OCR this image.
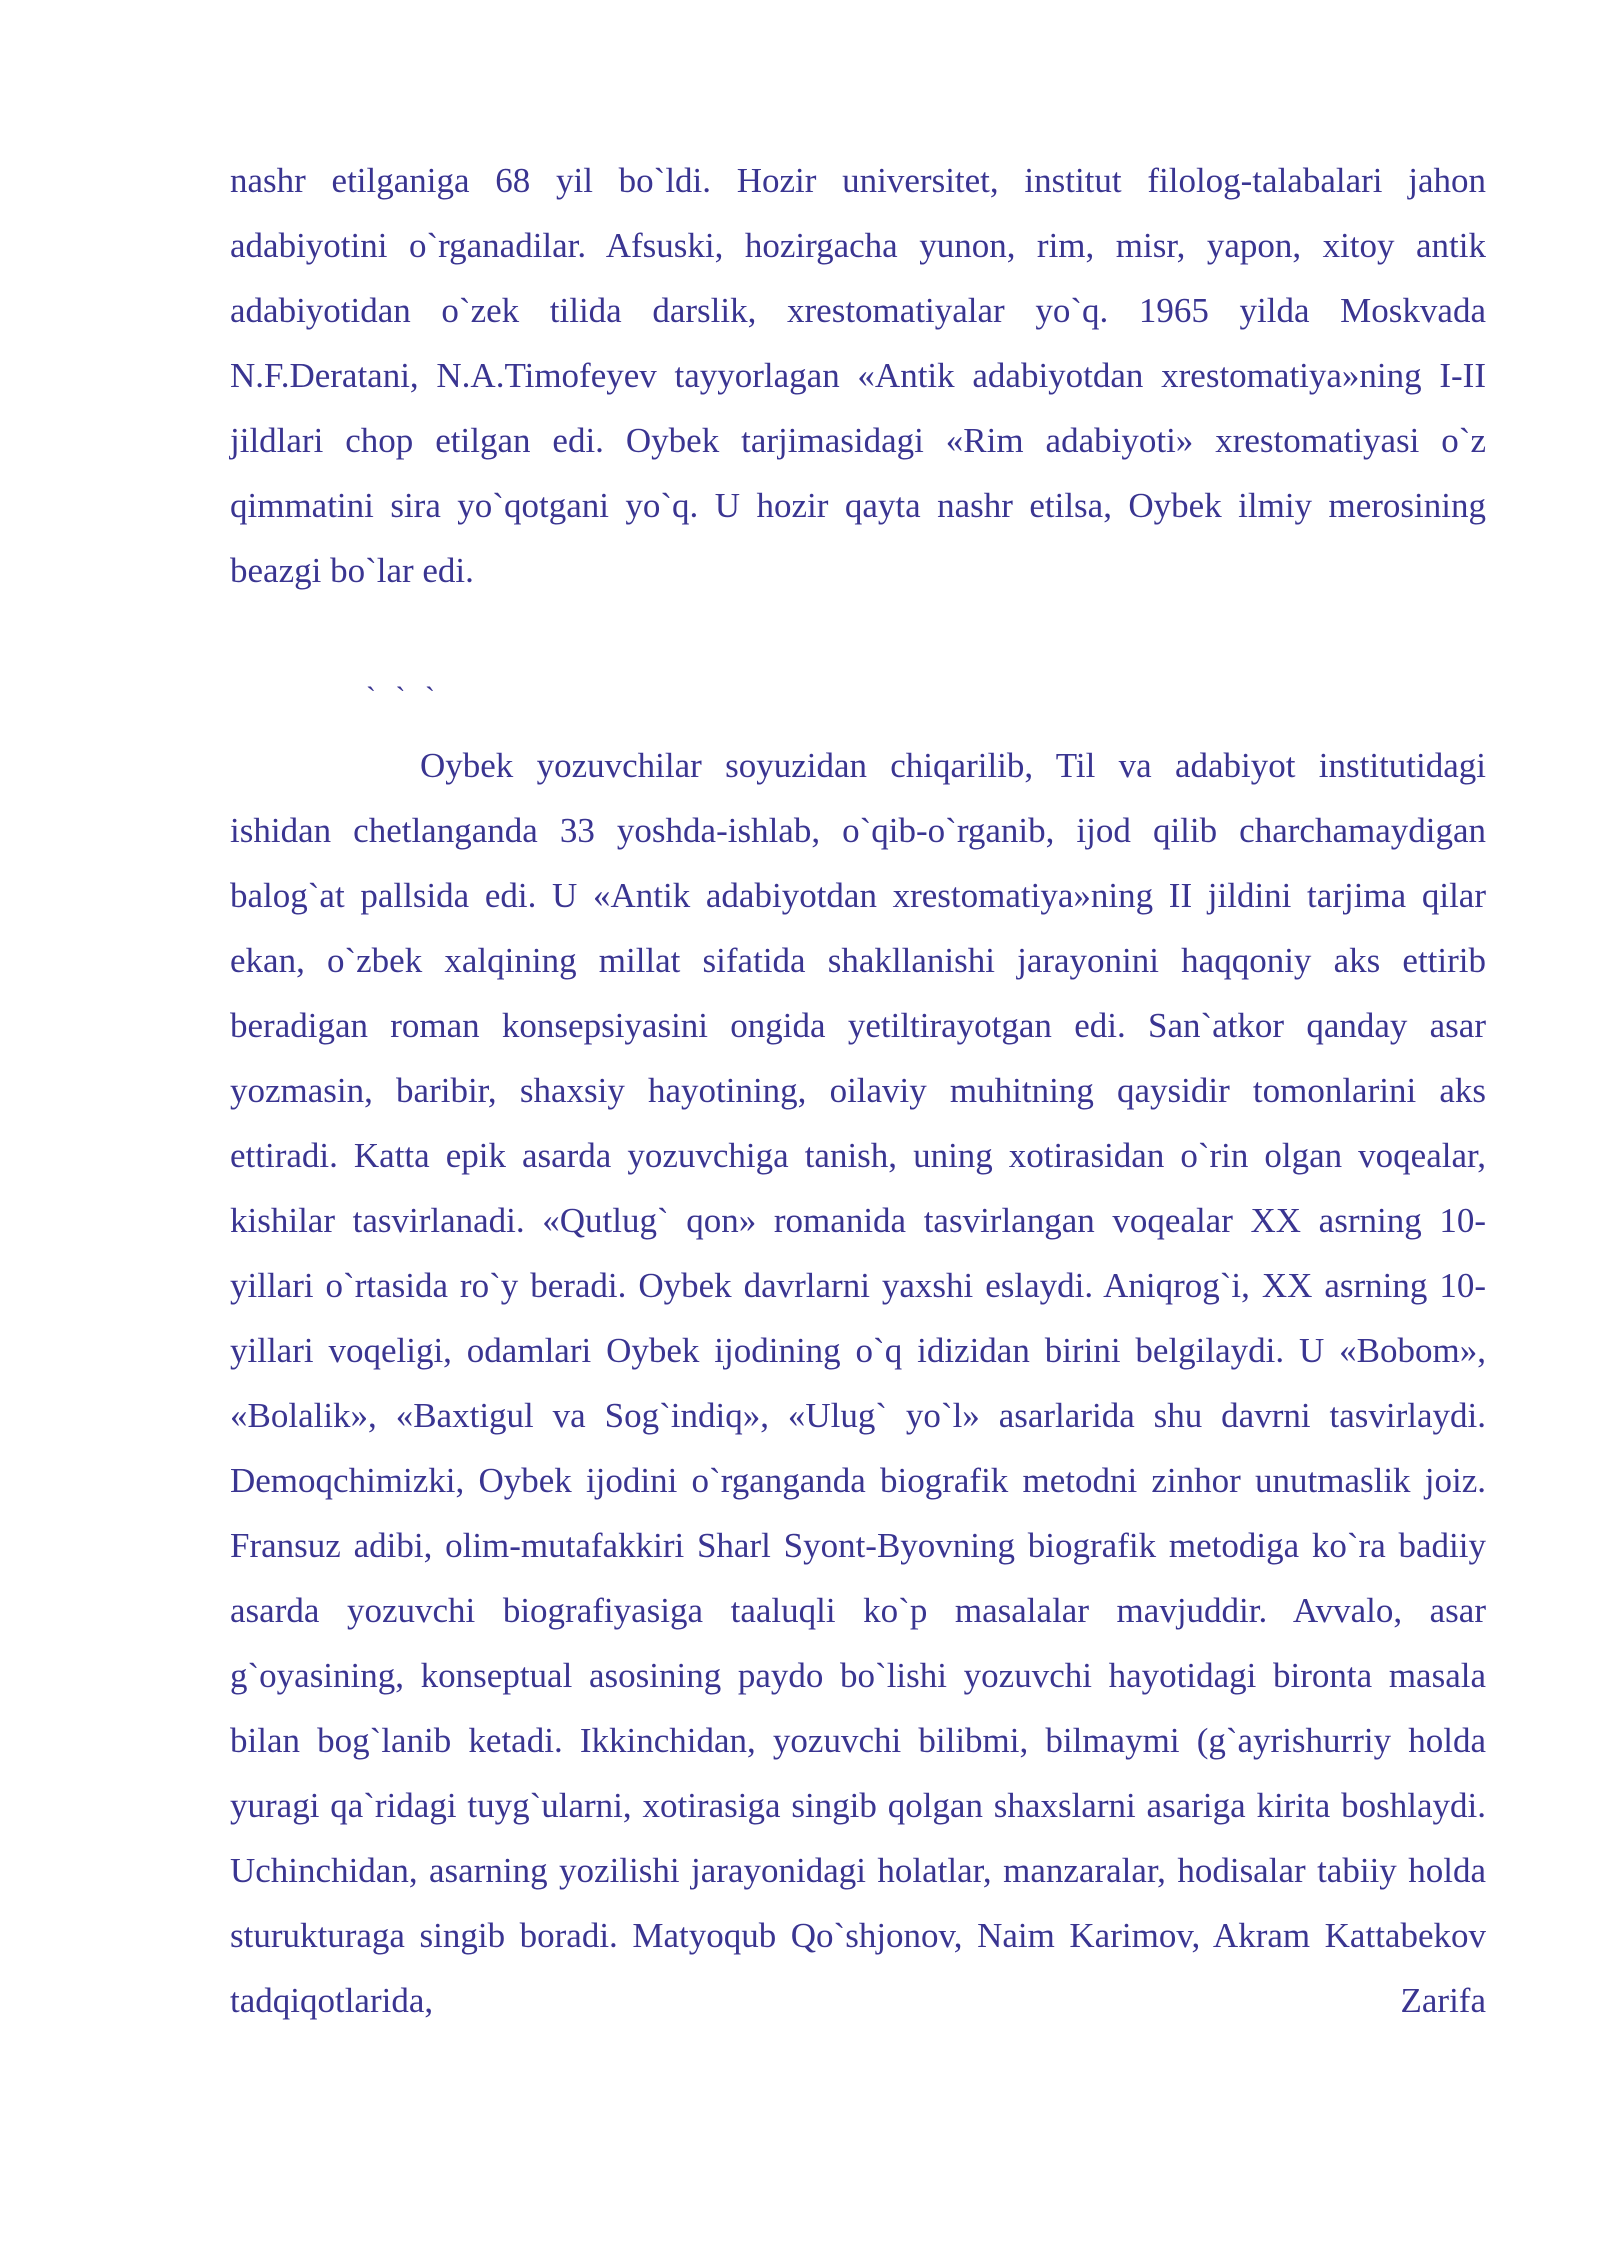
nashr etilganiga 68 yil bo`ldi. Hozir universitet, institut filolog-talabalari jahon adabiyotini o`rganadilar. Afsuski, hozirgacha yunon, rim, misr, yapon, xitoy antik adabiyotidan o`zek tilida darslik, xrestomatiyalar yo`q. 1965 yilda Moskvada N.F.Deratani, N.A.Timofeyev tayyorlagan «Antik adabiyotdan xrestomatiya»ning I-II jildlari chop etilgan edi. Oybek tarjimasidagi «Rim adabiyoti» xrestomatiyasi o`z qimmatini sira yo`qotgani yo`q. U hozir qayta nashr etilsa, Oybek ilmiy merosining beazgi bo`lar edi.

` ` `

Oybek yozuvchilar soyuzidan chiqarilib, Til va adabiyot institutidagi ishidan chetlanganda 33 yoshda-ishlab, o`qib-o`rganib, ijod qilib charchamaydigan balog`at pallsida edi. U «Antik adabiyotdan xrestomatiya»ning II jildini tarjima qilar ekan, o`zbek xalqining millat sifatida shakllanishi jarayonini haqqoniy aks ettirib beradigan roman konsepsiyasini ongida yetiltirayotgan edi. San`atkor qanday asar yozmasin, baribir, shaxsiy hayotining, oilaviy muhitning qaysidir tomonlarini aks ettiradi. Katta epik asarda yozuvchiga tanish, uning xotirasidan o`rin olgan voqealar, kishilar tasvirlanadi. «Qutlug` qon» romanida tasvirlangan voqealar XX asrning 10-yillari o`rtasida ro`y beradi. Oybek davrlarni yaxshi eslaydi. Aniqrog`i, XX asrning 10-yillari voqeligi, odamlari Oybek ijodining o`q idizidan birini belgilaydi. U «Bobom», «Bolalik», «Baxtigul va Sog`indiq», «Ulug` yo`l» asarlarida shu davrni tasvirlaydi. Demoqchimizki, Oybek ijodini o`rganganda biografik metodni zinhor unutmaslik joiz. Fransuz adibi, olim-mutafakkiri Sharl Syont-Byovning biografik metodiga ko`ra badiiy asarda yozuvchi biografiyasiga taaluqli ko`p masalalar mavjuddir. Avvalo, asar g`oyasining, konseptual asosining paydo bo`lishi yozuvchi hayotidagi bironta masala bilan bog`lanib ketadi. Ikkinchidan, yozuvchi bilibmi, bilmaymi (g`ayrishurriy holda yuragi qa`ridagi tuyg`ularni, xotirasiga singib qolgan shaxslarni asariga kirita boshlaydi. Uchinchidan, asarning yozilishi jarayonidagi holatlar, manzaralar, hodisalar tabiiy holda sturukturaga singib boradi. Matyoqub Qo`shjonov, Naim Karimov, Akram Kattabekov tadqiqotlarida, Zarifa
